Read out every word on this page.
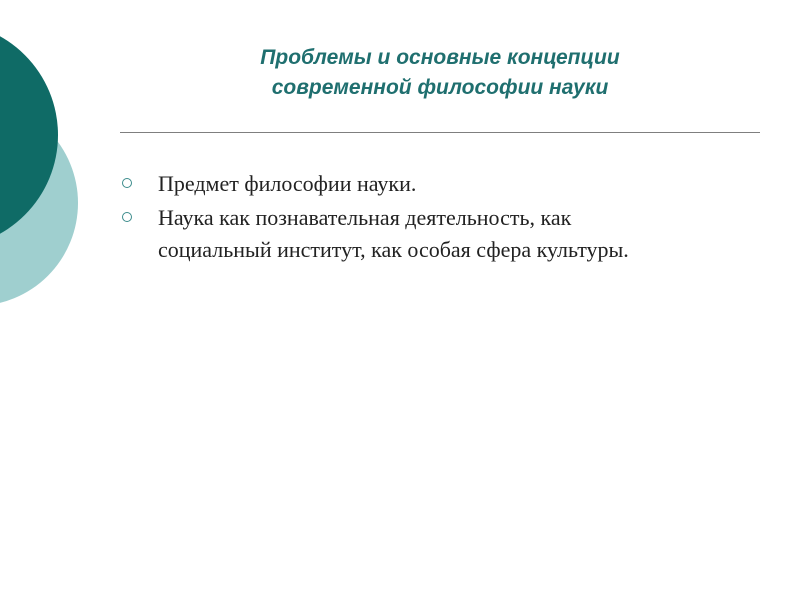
Проблемы и основные концепции
современной философии науки
Предмет философии науки.
Наука как познавательная деятельность, как
социальный институт, как особая сфера культуры.
